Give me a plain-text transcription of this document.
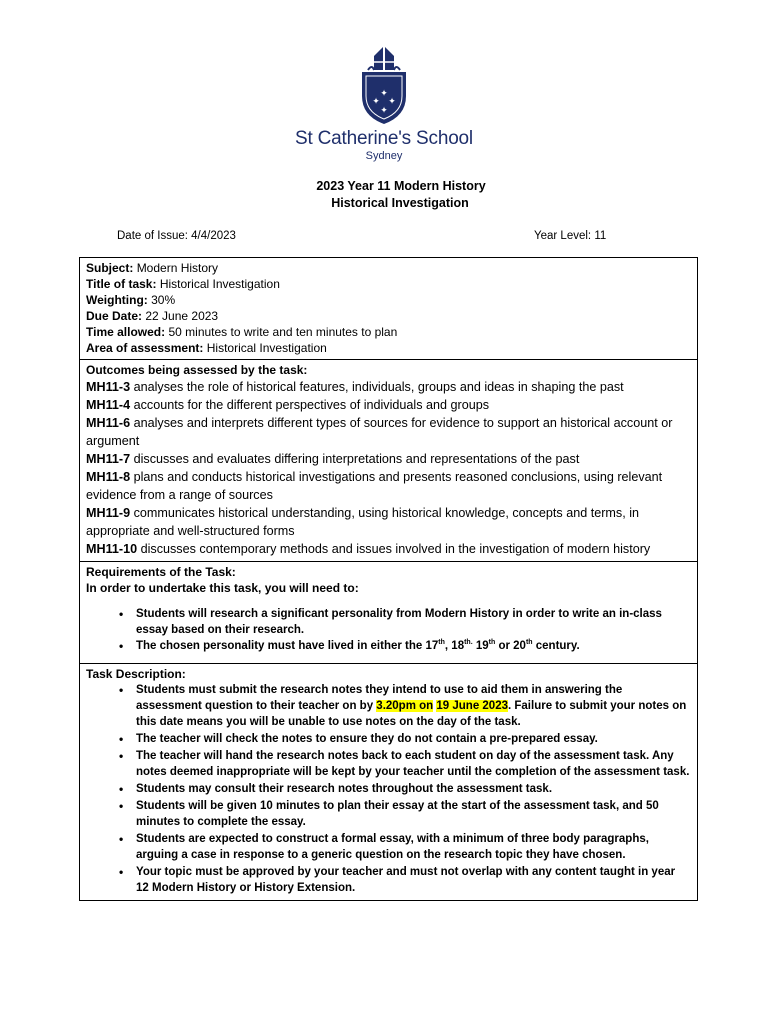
✦
✦ ✦
✦
St Catherine's School
Sydney
2023 Year 11 Modern History
Historical Investigation
Date of Issue: 4/4/2023	Year Level: 11
Subject: Modern History
Title of task: Historical Investigation
Weighting: 30%
Due Date: 22 June 2023
Time allowed: 50 minutes to write and ten minutes to plan
Area of assessment: Historical Investigation

Outcomes being assessed by the task:
MH11-3 analyses the role of historical features, individuals, groups and ideas in shaping the past
MH11-4 accounts for the different perspectives of individuals and groups
MH11-6 analyses and interprets different types of sources for evidence to support an historical account or argument
MH11-7 discusses and evaluates differing interpretations and representations of the past
MH11-8 plans and conducts historical investigations and presents reasoned conclusions, using relevant evidence from a range of sources
MH11-9 communicates historical understanding, using historical knowledge, concepts and terms, in appropriate and well-structured forms
MH11-10 discusses contemporary methods and issues involved in the investigation of modern history

Requirements of the Task:
In order to undertake this task, you will need to:
• Students will research a significant personality from Modern History in order to write an in-class essay based on their research.
• The chosen personality must have lived in either the 17th, $18^{th.}$ 19th or 20th century.

Task Description:
• Students must submit the research notes they intend to use to aid them in answering the assessment question to their teacher on by 3.20pm on 19 June 2023. Failure to submit your notes on this date means you will be unable to use notes on the day of the task.
• The teacher will check the notes to ensure they do not contain a pre-prepared essay.
• The teacher will hand the research notes back to each student on day of the assessment task. Any notes deemed inappropriate will be kept by your teacher until the completion of the assessment task.
• Students may consult their research notes throughout the assessment task.
• Students will be given 10 minutes to plan their essay at the start of the assessment task, and 50 minutes to complete the essay.
• Students are expected to construct a formal essay, with a minimum of three body paragraphs, arguing a case in response to a generic question on the research topic they have chosen.
• Your topic must be approved by your teacher and must not overlap with any content taught in year 12 Modern History or History Extension.
